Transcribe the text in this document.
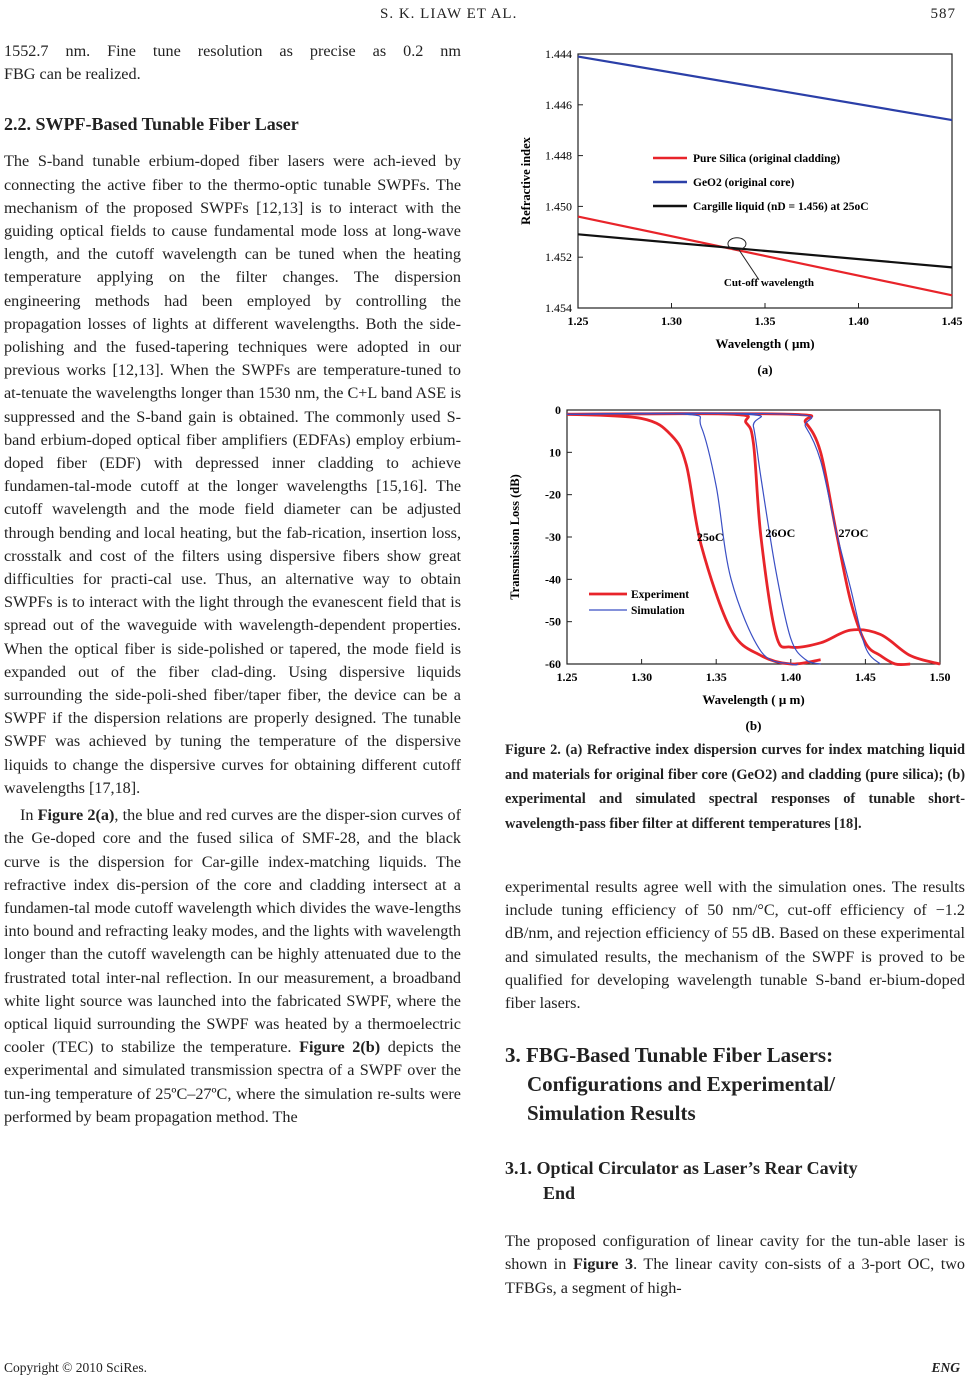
S. K. LIAW ET AL.	587

1552.7 nm. Fine tune resolution as precise as 0.2 nm

FBG can be realized.

2.2. SWPF-Based Tunable Fiber Laser

The S-band tunable erbium-doped fiber lasers were ach-ieved by connecting the active fiber to the thermo-optic tunable SWPFs. The mechanism of the proposed SWPFs [12,13] is to interact with the guiding optical fields to cause fundamental mode loss at long-wave length, and the cutoff wavelength can be tuned when the heating temperature applying on the filter changes. The dispersion engineering methods had been employed by controlling the propagation losses of lights at different wavelengths. Both the side-polishing and the fused-tapering techniques were adopted in our previous works [12,13]. When the SWPFs are temperature-tuned to at-tenuate the wavelengths longer than 1530 nm, the C+L band ASE is suppressed and the S-band gain is obtained. The commonly used S-band erbium-doped optical fiber amplifiers (EDFAs) employ erbium-doped fiber (EDF) with depressed inner cladding to achieve fundamen-tal-mode cutoff at the longer wavelengths [15,16]. The cutoff wavelength and the mode field diameter can be adjusted through bending and local heating, but the fab-rication, insertion loss, crosstalk and cost of the filters using dispersive fibers show great difficulties for practi-cal use. Thus, an alternative way to obtain SWPFs is to interact with the light through the evanescent field that is spread out of the waveguide with wavelength-dependent properties. When the optical fiber is side-polished or tapered, the mode field is expanded out of the fiber clad-ding. Using dispersive liquids surrounding the side-poli-shed fiber/taper fiber, the device can be a SWPF if the dispersion relations are properly designed. The tunable SWPF was achieved by tuning the temperature of the dispersive liquids to change the dispersive curves for obtaining different cutoff wavelengths [17,18].

In Figure 2(a), the blue and red curves are the disper-sion curves of the Ge-doped core and the fused silica of SMF-28, and the black curve is the dispersion for Car-gille index-matching liquids. The refractive index dis-persion of the core and cladding intersect at a fundamen-tal mode cutoff wavelength which divides the wave-lengths into bound and refracting leaky modes, and the lights with wavelength longer than the cutoff wavelength can be highly attenuated due to the frustrated total inter-nal reflection. In our measurement, a broadband white light source was launched into the fabricated SWPF, where the optical liquid surrounding the SWPF was heated by a thermoelectric cooler (TEC) to stabilize the temperature. Figure 2(b) depicts the experimental and simulated transmission spectra of a SWPF over the tun-ing temperature of 25ºC–27ºC, where the simulation re-sults were performed by beam propagation method. The

1.25	1.30	1.35	1.40	1.45
1.444
1.446
1.448
1.450
1.452
1.454
Wavelength ( μm)
Refractive index
(a)
Pure Silica (original cladding)
GeO2 (original core)
Cargille liquid (nD = 1.456) at 25oC
Cut-off wavelength
1.25	1.30	1.35	1.40	1.45	1.50
0
10
-20
-30
-40
-50
-60
Wavelength ( μ m)
Transmission Loss (dB)
(b)
Experiment
Simulation
25oC	26OC	27OC
Figure 2. (a) Refractive index dispersion curves for index matching liquid and materials for original fiber core (GeO2) and cladding (pure silica); (b) experimental and simulated spectral responses of tunable short-wavelength-pass fiber filter at different temperatures [18].

experimental results agree well with the simulation ones. The results include tuning efficiency of 50 nm/°C, cut-off efficiency of −1.2 dB/nm, and rejection efficiency of 55 dB. Based on these experimental and simulated results, the mechanism of the SWPF is proved to be qualified for developing wavelength tunable S-band er-bium-doped fiber lasers.

3. FBG-Based Tunable Fiber Lasers:
Configurations and Experimental/
Simulation Results
3.1. Optical Circulator as Laser’s Rear Cavity
End

The proposed configuration of linear cavity for the tun-able laser is shown in Figure 3. The linear cavity con-sists of a 3-port OC, two TFBGs, a segment of high-

Copyright © 2010 SciRes.	ENG
